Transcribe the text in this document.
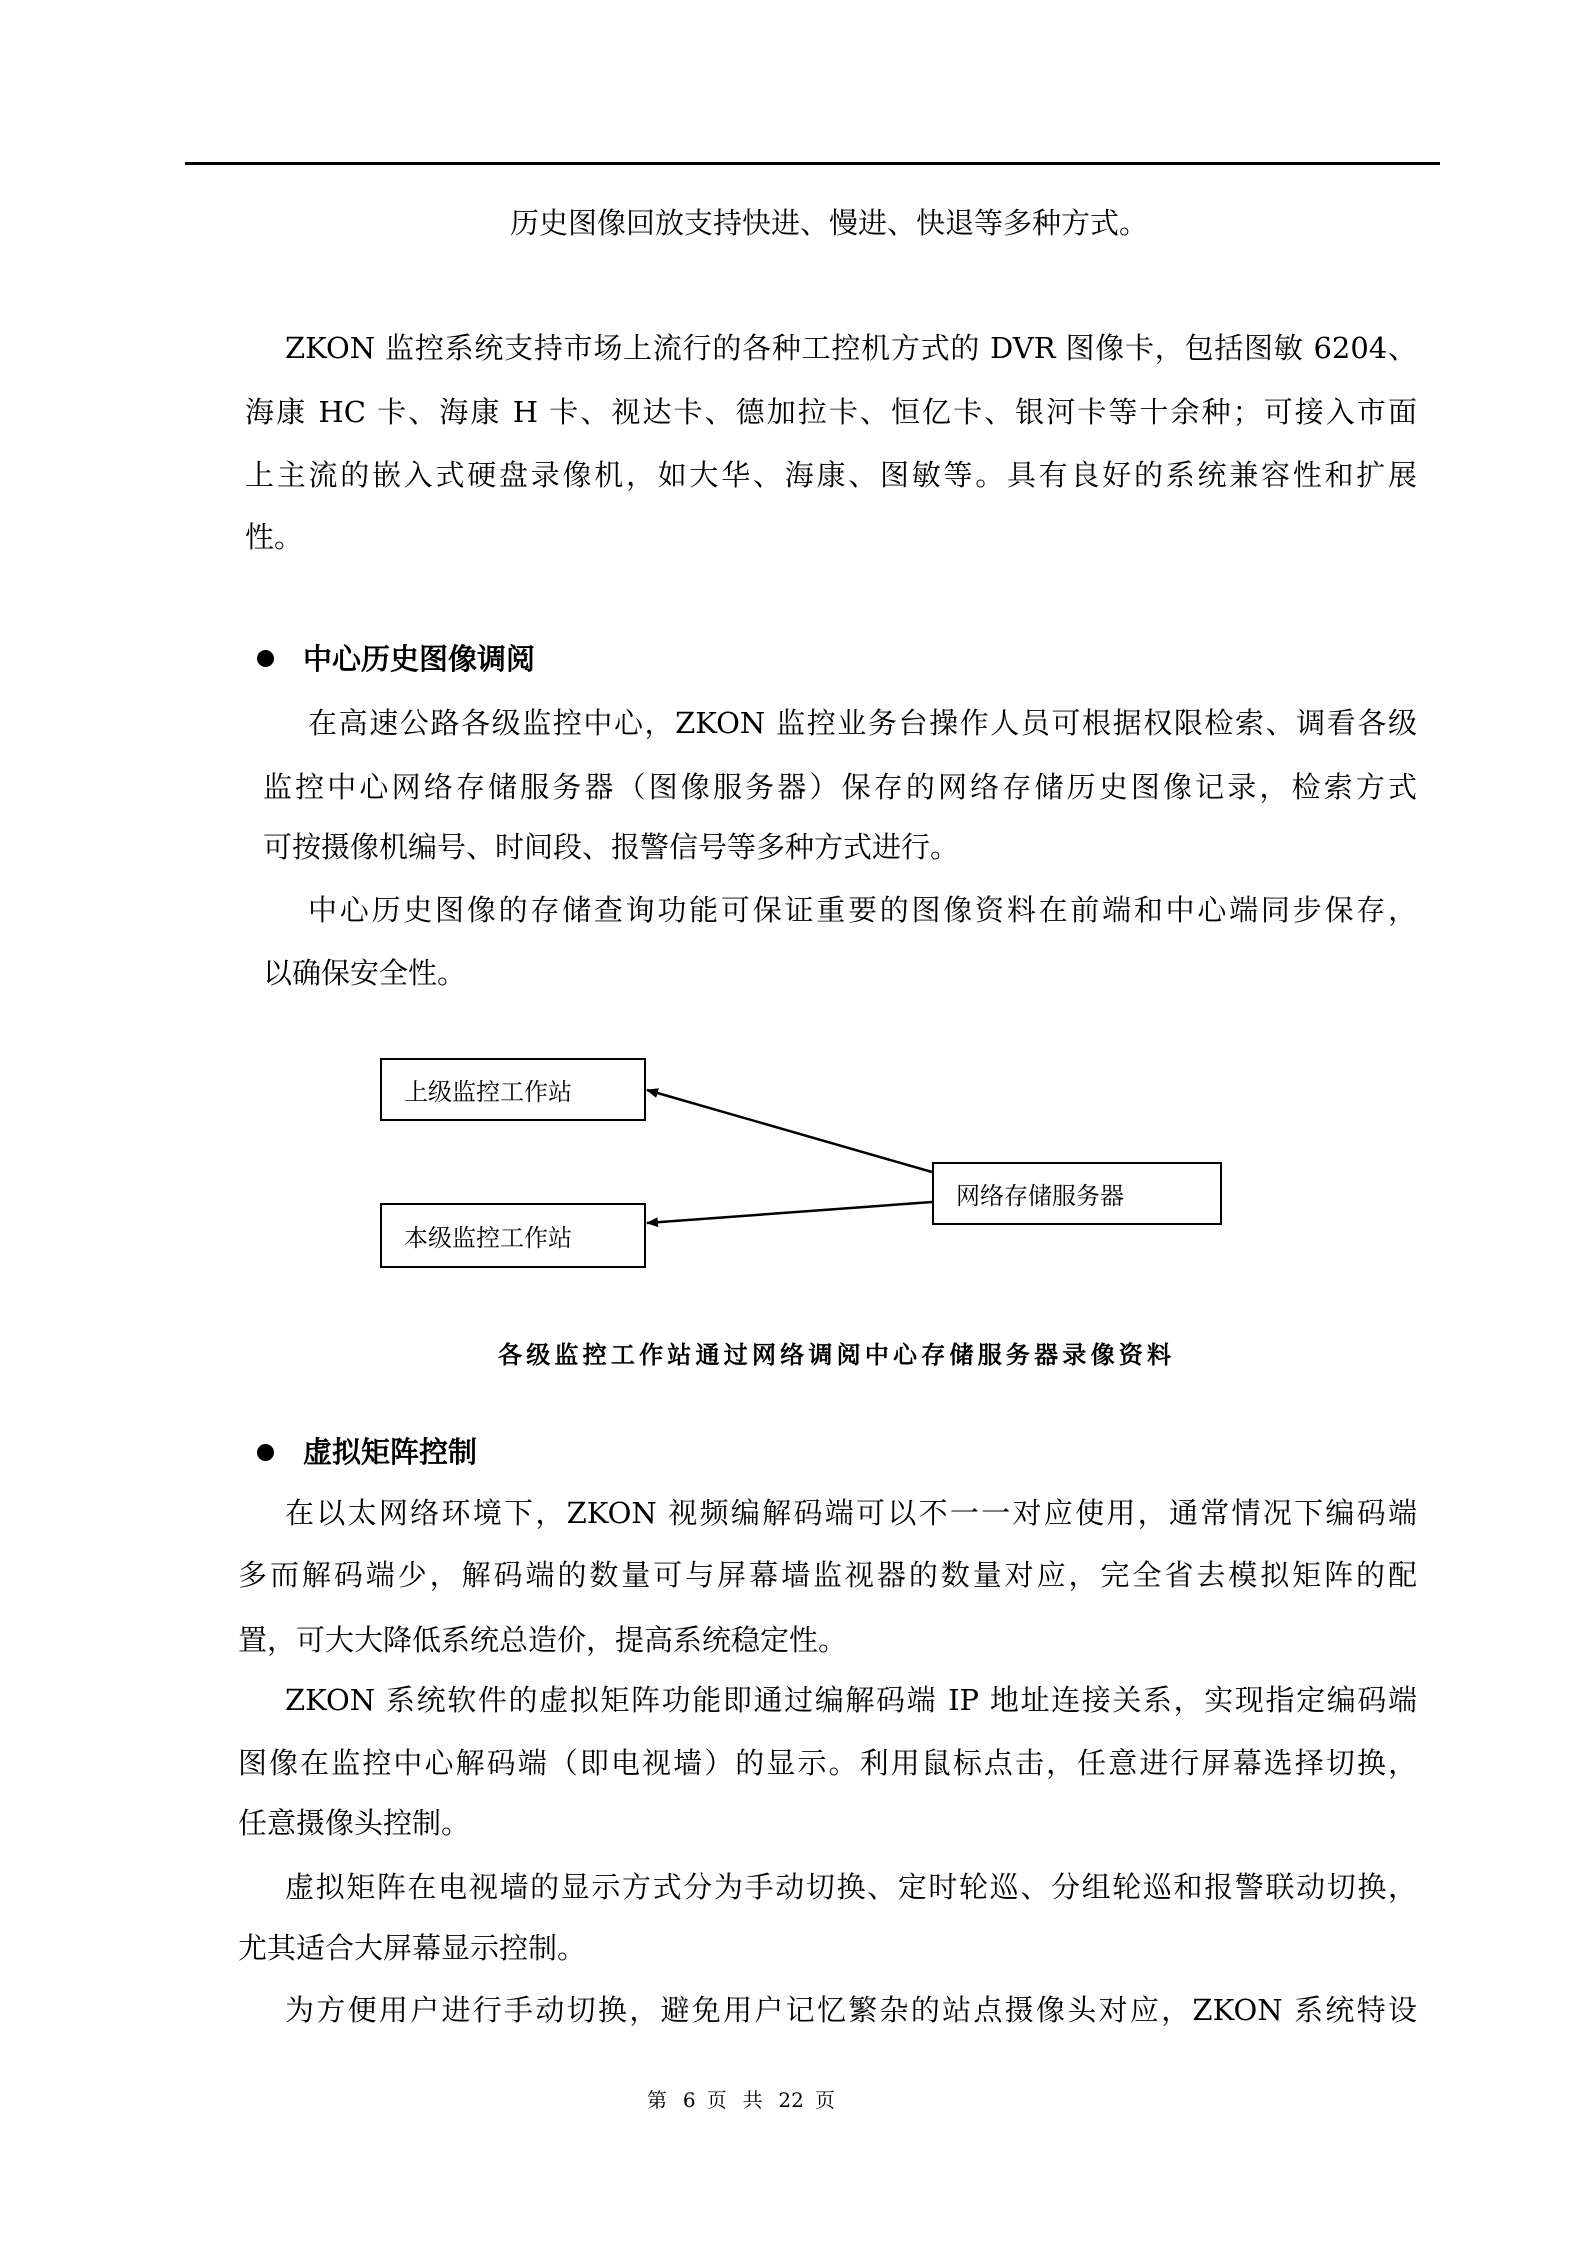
历史图像回放支持快进、慢进、快退等多种方式。
ZKON 监控系统支持市场上流行的各种工控机方式的 DVR 图像卡，包括图敏 6204、
海康 HC 卡、海康 H 卡、视达卡、德加拉卡、恒亿卡、银河卡等十余种；可接入市面
上主流的嵌入式硬盘录像机，如大华、海康、图敏等。具有良好的系统兼容性和扩展
性。
中心历史图像调阅
在高速公路各级监控中心，ZKON 监控业务台操作人员可根据权限检索、调看各级
监控中心网络存储服务器（图像服务器）保存的网络存储历史图像记录，检索方式
可按摄像机编号、时间段、报警信号等多种方式进行。
中心历史图像的存储查询功能可保证重要的图像资料在前端和中心端同步保存，
以确保安全性。
上级监控工作站
本级监控工作站
网络存储服务器
各级监控工作站通过网络调阅中心存储服务器录像资料
虚拟矩阵控制
在以太网络环境下，ZKON 视频编解码端可以不一一对应使用，通常情况下编码端
多而解码端少，解码端的数量可与屏幕墙监视器的数量对应，完全省去模拟矩阵的配
置，可大大降低系统总造价，提高系统稳定性。
ZKON 系统软件的虚拟矩阵功能即通过编解码端 IP 地址连接关系，实现指定编码端
图像在监控中心解码端（即电视墙）的显示。利用鼠标点击，任意进行屏幕选择切换，
任意摄像头控制。
虚拟矩阵在电视墙的显示方式分为手动切换、定时轮巡、分组轮巡和报警联动切换，
尤其适合大屏幕显示控制。
为方便用户进行手动切换，避免用户记忆繁杂的站点摄像头对应，ZKON 系统特设
第 6 页 共 22 页
